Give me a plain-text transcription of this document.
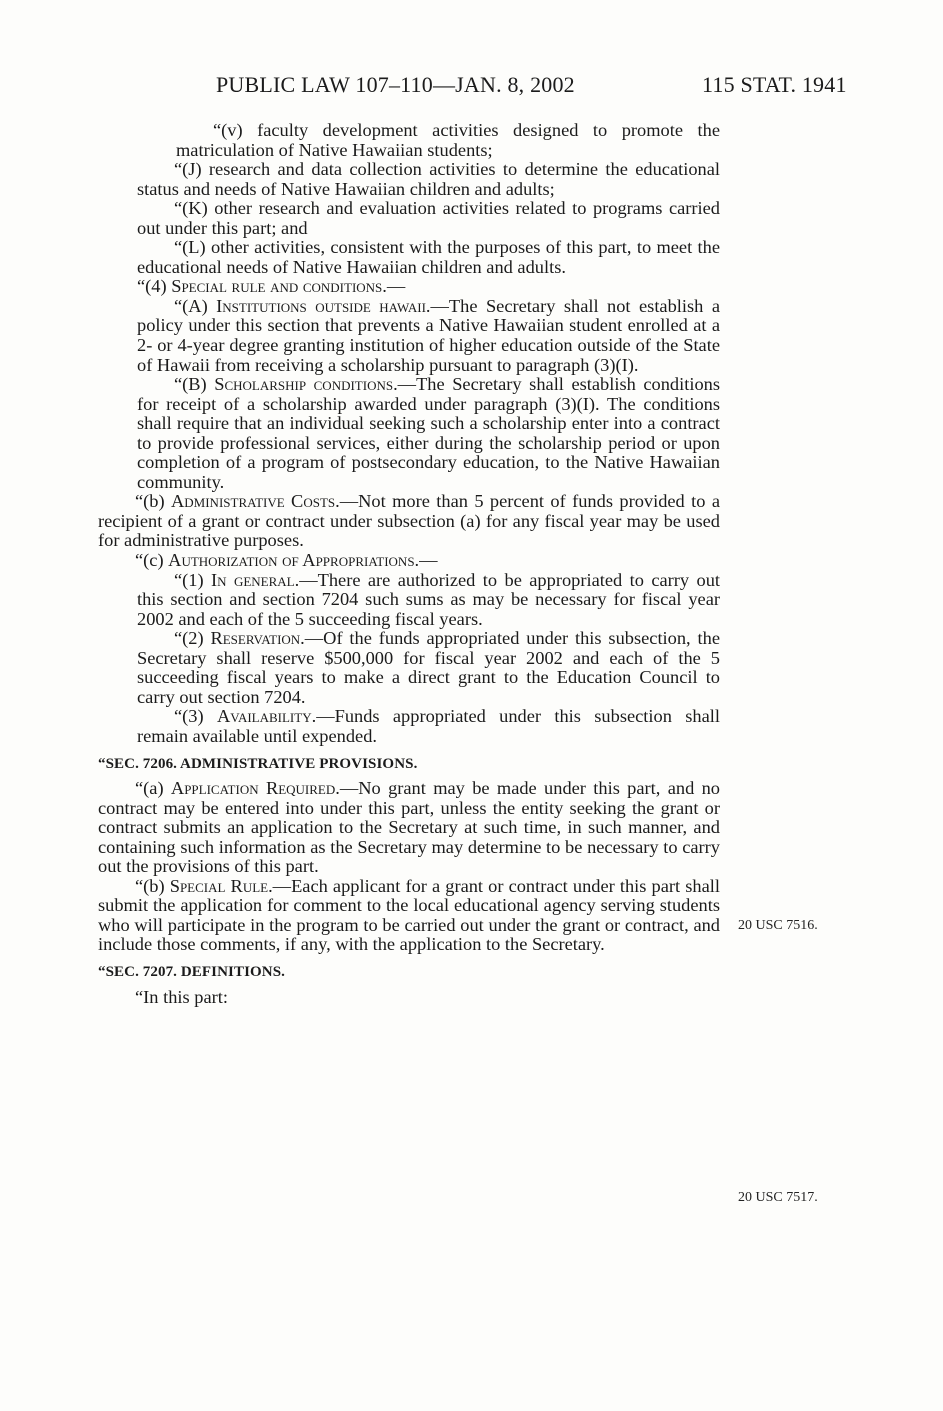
PUBLIC LAW 107–110—JAN. 8, 2002	115 STAT. 1941

“(v) faculty development activities designed to promote the matriculation of Native Hawaiian students;

“(J) research and data collection activities to determine the educational status and needs of Native Hawaiian children and adults;

“(K) other research and evaluation activities related to programs carried out under this part; and

“(L) other activities, consistent with the purposes of this part, to meet the educational needs of Native Hawaiian children and adults.

“(4) Special rule and conditions.—

“(A) Institutions outside hawaii.—The Secretary shall not establish a policy under this section that prevents a Native Hawaiian student enrolled at a 2- or 4-year degree granting institution of higher education outside of the State of Hawaii from receiving a scholarship pursuant to paragraph (3)(I).

“(B) Scholarship conditions.—The Secretary shall establish conditions for receipt of a scholarship awarded under paragraph (3)(I). The conditions shall require that an individual seeking such a scholarship enter into a contract to provide professional services, either during the scholarship period or upon completion of a program of postsecondary education, to the Native Hawaiian community.

“(b) Administrative Costs.—Not more than 5 percent of funds provided to a recipient of a grant or contract under subsection (a) for any fiscal year may be used for administrative purposes.

“(c) Authorization of Appropriations.—

“(1) In general.—There are authorized to be appropriated to carry out this section and section 7204 such sums as may be necessary for fiscal year 2002 and each of the 5 succeeding fiscal years.

“(2) Reservation.—Of the funds appropriated under this subsection, the Secretary shall reserve $500,000 for fiscal year 2002 and each of the 5 succeeding fiscal years to make a direct grant to the Education Council to carry out section 7204.

“(3) Availability.—Funds appropriated under this subsection shall remain available until expended.

“SEC. 7206. ADMINISTRATIVE PROVISIONS.

“(a) Application Required.—No grant may be made under this part, and no contract may be entered into under this part, unless the entity seeking the grant or contract submits an application to the Secretary at such time, in such manner, and containing such information as the Secretary may determine to be necessary to carry out the provisions of this part.

“(b) Special Rule.—Each applicant for a grant or contract under this part shall submit the application for comment to the local educational agency serving students who will participate in the program to be carried out under the grant or contract, and include those comments, if any, with the application to the Secretary.

“SEC. 7207. DEFINITIONS.

“In this part:

20 USC 7516.
20 USC 7517.
